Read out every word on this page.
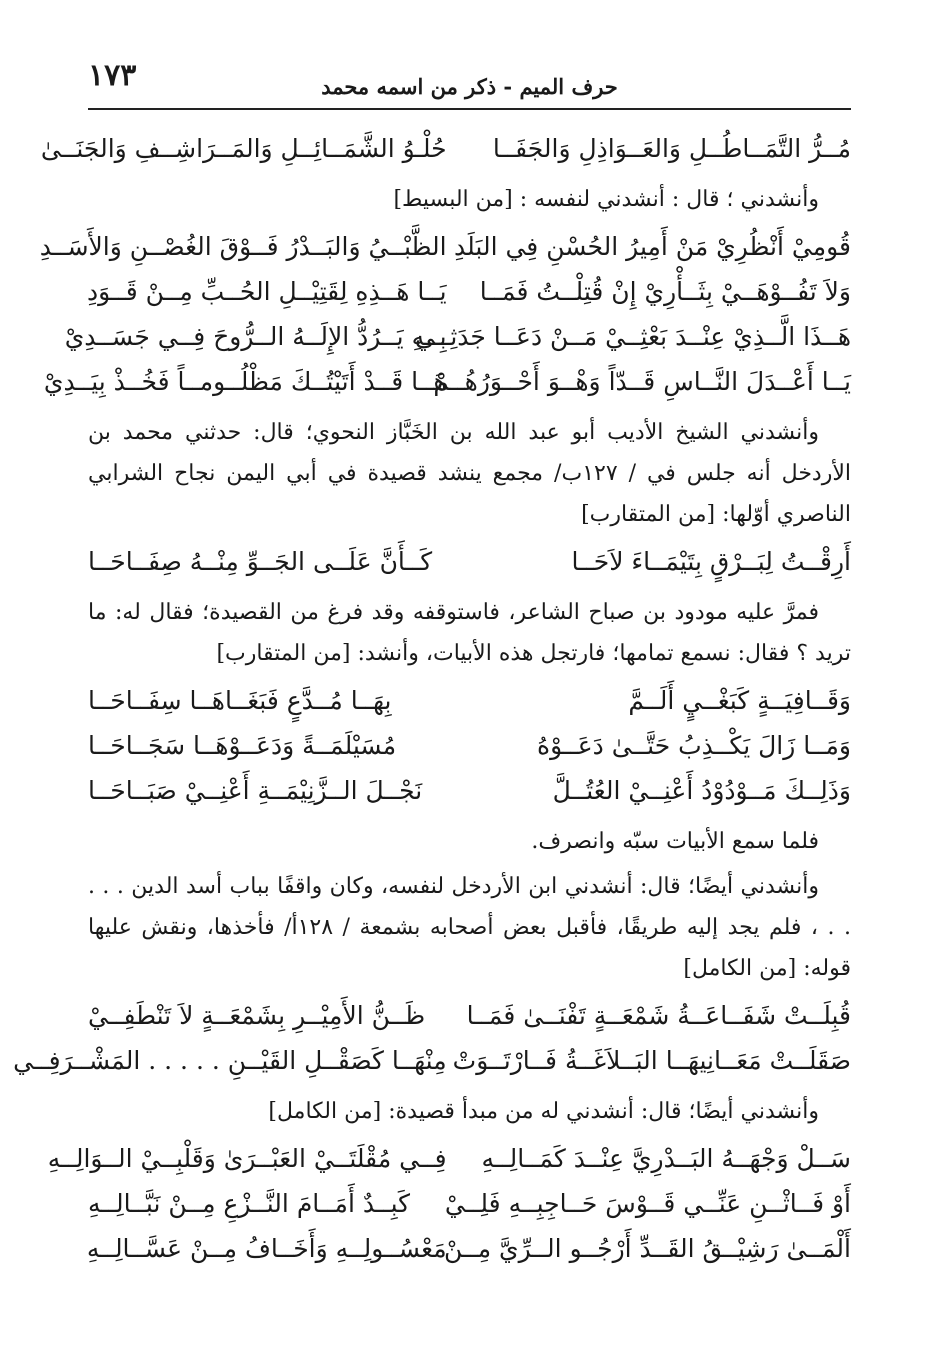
١٧٣	حرف الميم - ذكر من اسمه محمد
مُــرُّ التَّمَــاطُــلِ وَالعَــوَاذِلِ وَالجَفَــا
حُلْـوُ الشَّمَــائِــلِ وَالمَــرَاشِــفِ وَالجَنَــىٰ

وأنشدني ؛ قال : أنشدني لنفسه : [من البسيط]

قُومِيْ أَنْظُرِيْ مَنْ أَمِيرُ الحُسْنِ فِي البَلَدِ
الظَّبْــيُ وَالبَــدْرُ فَــوْقَ الغُصْــنِ وَالأَسَــدِ
وَلاَ تَفُــوْهَــيْ بِثَــأْرِيْ إِنْ قُتِلْــتُ فَمَــا
يَــا هَــذِهِ لِقَتِيْــلِ الحُــبِّ مِــنْ قَــوَدِ
هَــذَا الَّــذِيْ عِنْــدَ بَعْثِــيْ مَــنْ دَعَــا جَدَثِــي
بِــهِ يَــرُدُّ الإِلَــهُ الــرُّوحَ فِــي جَسَــدِيْ
يَــا أَعْــدَلَ النَّــاسِ قَــدّاً وَهْــوَ أَحْــوَرُهُــمْ
هَــا قَــدْ أَتَيْتُــكَ مَظْلُــومــاً فَخُــذْ بِيَــدِيْ

وأنشدني الشيخ الأديب أبو عبد الله بن الخَبَّاز النحوي؛ قال: حدثني محمد بن الأردخل أنه جلس في / ١٢٧ب/ مجمع ينشد قصيدة في أبي اليمن نجاح الشرابي الناصري أوّلها: [من المتقارب]

أَرِقْــتُ لِبَــرْقٍ بِتَيْمَــاءَ لاَحَــا
كَــأَنَّ عَلَــى الجَــوِّ مِنْــهُ صِفَــاحَــا

فمرَّ عليه مودود بن صباح الشاعر، فاستوقفه وقد فرغ من القصيدة؛ فقال له: ما تريد ؟ فقال: نسمع تمامها؛ فارتجل هذه الأبيات، وأنشد: [من المتقارب]

وَقَــافِيَــةٍ كَبَغْــيٍ أَلَــمَّ
بِهَــا مُــدَّعٍ فَبَغَــاهَــا سِفَــاحَــا
وَمَــا زَالَ يَكْــذِبُ حَتَّــىٰ دَعَــوْهُ
مُسَيْلَمَــةً وَدَعَــوْهَــا سَجَــاحَــا
وَذَلِــكَ مَــوْدُوْدُ أَعْنِــيْ العُتُــلَّ
نَجْــلَ الــزَّنِيْمَــةِ أَعْنِــيْ صَبَــاحَــا

فلما سمع الأبيات سبّه وانصرف.

وأنشدني أيضًا؛ قال: أنشدني ابن الأردخل لنفسه، وكان واقفًا بباب أسد الدين . . . . . ، فلم يجد إليه طريقًا، فأقبل بعض أصحابه بشمعة / ١٢٨أ/ فأخذها، ونقش عليها قوله: [من الكامل]

قُبِلَــتْ شَفَــاعَــةُ شَمْعَــةٍ تَفْنَــىٰ فَمَــا
ظَــنُّ الأَمِيْــرِ بِشَمْعَــةٍ لاَ تَنْطَفِــيْ
صَقَلَــتْ مَعَــانِيهَــا البَــلاَغَــةُ فَــارْتَــوَتْ
مِنْهَــا كَصَقْــلِ القَيْــنِ . . . . . المَشْــرَفِــي

وأنشدني أيضًا؛ قال: أنشدني له من مبدأ قصيدة: [من الكامل]

سَــلْ وَجْهَــهُ البَــدْرِيَّ عِنْــدَ كَمَــالِــهِ
فِــي مُقْلَتَــيْ العَبْــرَىٰ وَقَلْبِــيْ الــوَالِــهِ
أَوْ فَــاثْــنِ عَنِّــي قَــوْسَ حَــاجِبِــهِ فَلِــيْ
كَبِــدٌ أَمَــامَ النَّــزْعِ مِــنْ نَبَّــالِــهِ
أَلْمَــىٰ رَشِيْــقُ القَــدِّ أَرْجُــو الــرِّيَّ مِــنْ
مَعْسُــولِــهِ وَأَخَــافُ مِــنْ عَسَّــالِــهِ
